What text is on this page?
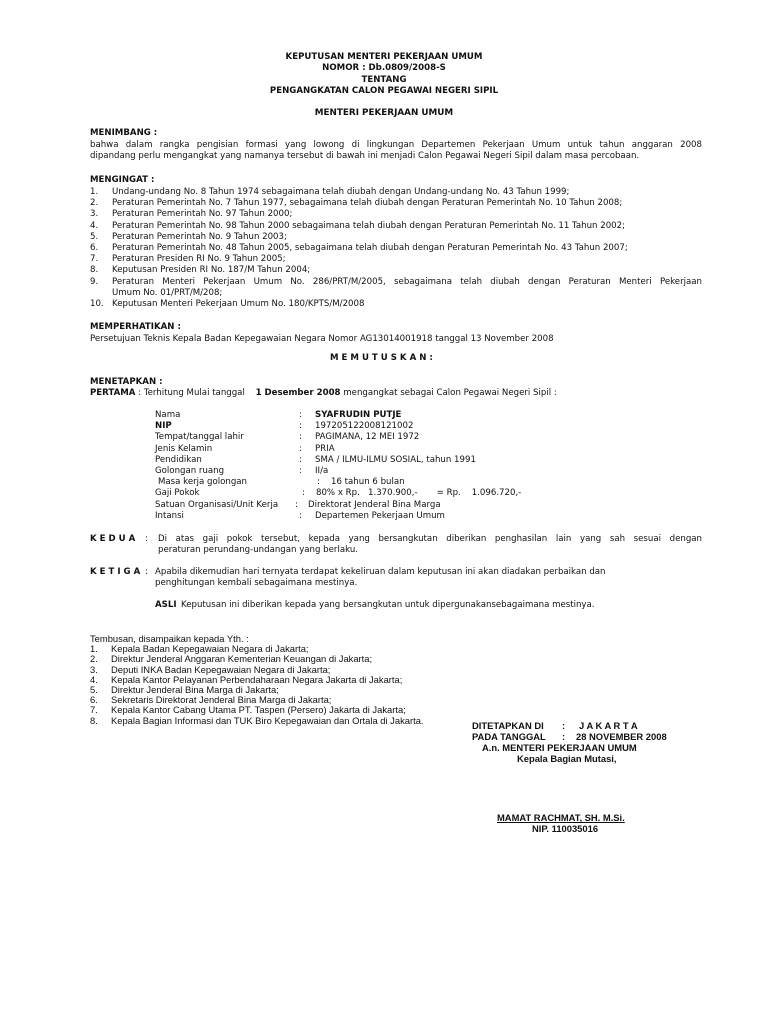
KEPUTUSAN MENTERI PEKERJAAN UMUM
NOMOR : Db.0809/2008-S
TENTANG
PENGANGKATAN CALON PEGAWAI NEGERI SIPIL
MENTERI PEKERJAAN UMUM
MENIMBANG :
bahwa dalam rangka pengisian formasi yang lowong di lingkungan Departemen Pekerjaan Umum untuk tahun anggaran 2008
dipandang perlu mengangkat yang namanya tersebut di bawah ini menjadi Calon Pegawai Negeri Sipil dalam masa percobaan.
MENGINGAT :
1.	Undang-undang No. 8 Tahun 1974 sebagaimana telah diubah dengan Undang-undang No. 43 Tahun 1999;
2.	Peraturan Pemerintah No. 7 Tahun 1977, sebagaimana telah diubah dengan Peraturan Pemerintah No. 10 Tahun 2008;
3.	Peraturan Pemerintah No. 97 Tahun 2000;
4.	Peraturan Pemerintah No. 98 Tahun 2000 sebagaimana telah diubah dengan Peraturan Pemerintah No. 11 Tahun 2002;
5.	Peraturan Pemerintah No. 9 Tahun 2003;
6.	Peraturan Pemerintah No. 48 Tahun 2005, sebagaimana telah diubah dengan Peraturan Pemerintah No. 43 Tahun 2007;
7.	Peraturan Presiden RI No. 9 Tahun 2005;
8.	Keputusan Presiden RI No. 187/M Tahun 2004;
9.	Peraturan Menteri Pekerjaan Umum No. 286/PRT/M/2005, sebagaimana telah diubah dengan Peraturan Menteri Pekerjaan
Umum No. 01/PRT/M/208;
10. Keputusan Menteri Pekerjaan Umum No. 180/KPTS/M/2008
MEMPERHATIKAN :
Persetujuan Teknis Kepala Badan Kepegawaian Negara Nomor AG13014001918 tanggal 13 November 2008
M E M U T U S K A N :
MENETAPKAN :
PERTAMA : Terhitung Mulai tanggal 1 Desember 2008 mengangkat sebagai Calon Pegawai Negeri Sipil :
Nama	: SYAFRUDIN PUTJE
NIP	: 197205122008121002
Tempat/tanggal lahir	: PAGIMANA, 12 MEI 1972
Jenis Kelamin	: PRIA
Pendidikan	: SMA / ILMU-ILMU SOSIAL, tahun 1991
Golongan ruang	: II/a
Masa kerja golongan	: 16 tahun 6 bulan
Gaji Pokok	: 80% x Rp.   1.370.900,-       = Rp.    1.096.720,-
Satuan Organisasi/Unit Kerja : Direktorat Jenderal Bina Marga
Intansi	: Departemen Pekerjaan Umum
K E D U A : Di atas gaji pokok tersebut, kepada yang bersangkutan diberikan penghasilan lain yang sah sesuai dengan
peraturan perundang-undangan yang berlaku.
K E T I G A : Apabila dikemudian hari ternyata terdapat kekeliruan dalam keputusan ini akan diadakan perbaikan dan
penghitungan kembali sebagaimana mestinya.
ASLI Keputusan ini diberikan kepada yang bersangkutan untuk dipergunakansebagaimana mestinya.
Tembusan, disampaikan kepada Yth. :
1. Kepala Badan Kepegawaian Negara di Jakarta;
2. Direktur Jenderal Anggaran Kementerian Keuangan di Jakarta;
3. Deputi INKA Badan Kepegawaian Negara di Jakarta;
4. Kepala Kantor Pelayanan Perbendaharaan Negara Jakarta di Jakarta;
5. Direktur Jenderal Bina Marga di Jakarta;
6. Sekretaris Direktorat Jenderal Bina Marga di Jakarta;
7. Kepala Kantor Cabang Utama PT. Taspen (Persero) Jakarta di Jakarta;
8. Kepala Bagian Informasi dan TUK Biro Kepegawaian dan Ortala di Jakarta.	DITETAPKAN DI : J A K A R T A
PADA TANGGAL : 28 NOVEMBER 2008
A.n. MENTERI PEKERJAAN UMUM
Kepala Bagian Mutasi,
MAMAT RACHMAT, SH. M.Si.
NIP. 110035016
